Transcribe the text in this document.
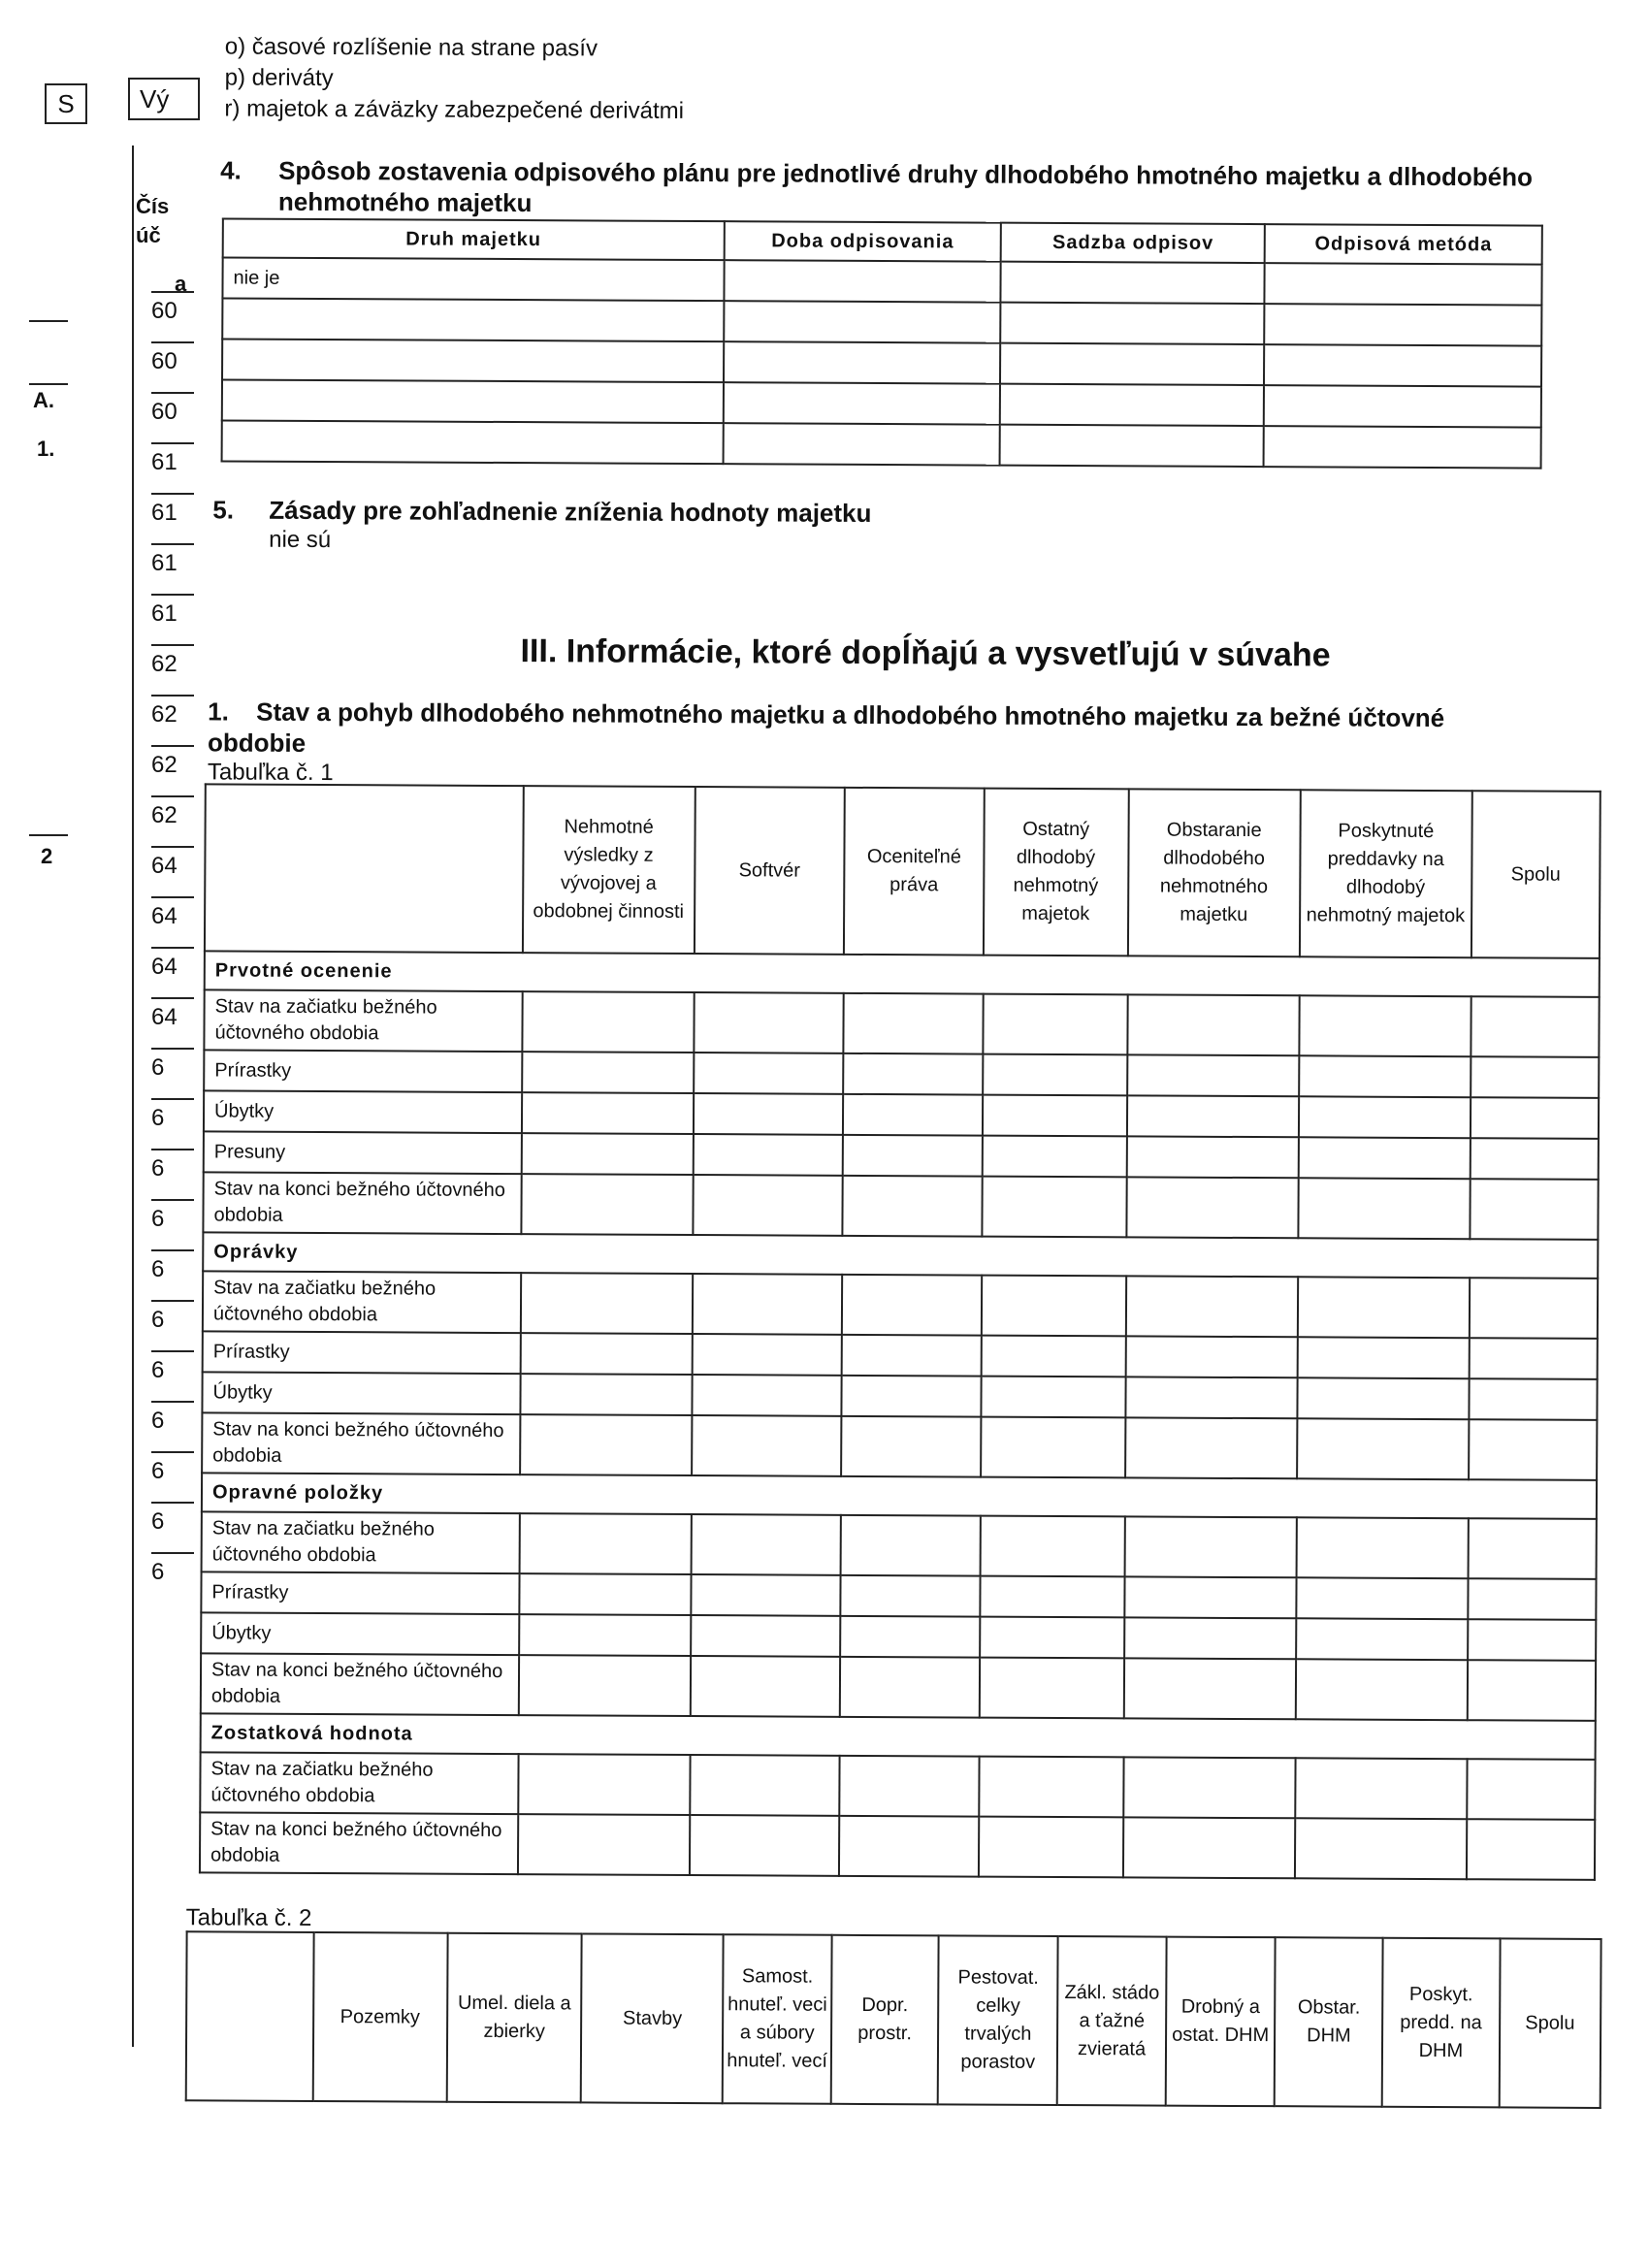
S	Vý
Čís
úč
a
A.
1.
2
60
60
60
61
61
61
61
62
62
62
62
64
64
64
64
6
6
6
6
6
6
6
6
6
6
6
o) časové rozlíšenie na strane pasív
p) deriváty
r) majetok a záväzky zabezpečené derivátmi
4. Spôsob zostavenia odpisového plánu pre jednotlivé druhy dlhodobého hmotného majetku a dlhodobého
nehmotného majetku
Druh majetku	Doba odpisovania	Sadzba odpisov	Odpisová metóda
nie je			

5. Zásady pre zohľadnenie zníženia hodnoty majetku
nie sú
III. Informácie, ktoré dopĺňajú a vysvetľujú v súvahe
1. Stav a pohyb dlhodobého nehmotného majetku a dlhodobého hmotného majetku za bežné účtovné
obdobie
Tabuľka č. 1
	Nehmotné výsledky z vývojovej a obdobnej činnosti	Softvér	Oceniteľné práva	Ostatný dlhodobý nehmotný majetok	Obstaranie dlhodobého nehmotného majetku	Poskytnuté preddavky na dlhodobý nehmotný majetok	Spolu
Prvotné ocenenie							
Stav na začiatku bežného účtovného obdobia							
Prírastky							
Úbytky							
Presuny							
Stav na konci bežného účtovného obdobia							
Oprávky							
Stav na začiatku bežného účtovného obdobia							
Prírastky							
Úbytky							
Stav na konci bežného účtovného obdobia							
Opravné položky							
Stav na začiatku bežného účtovného obdobia							
Prírastky							
Úbytky							
Stav na konci bežného účtovného obdobia							
Zostatková hodnota							
Stav na začiatku bežného účtovného obdobia							
Stav na konci bežného účtovného obdobia							
Tabuľka č. 2
	Pozemky	Umel. diela a zbierky	Stavby	Samost. hnuteľ. veci a súbory hnuteľ. vecí	Dopr. prostr.	Pestovat. celky trvalých porastov	Zákl. stádo a ťažné zvieratá	Drobný a ostat. DHM	Obstar. DHM	Poskyt. predd. na DHM	Spolu
